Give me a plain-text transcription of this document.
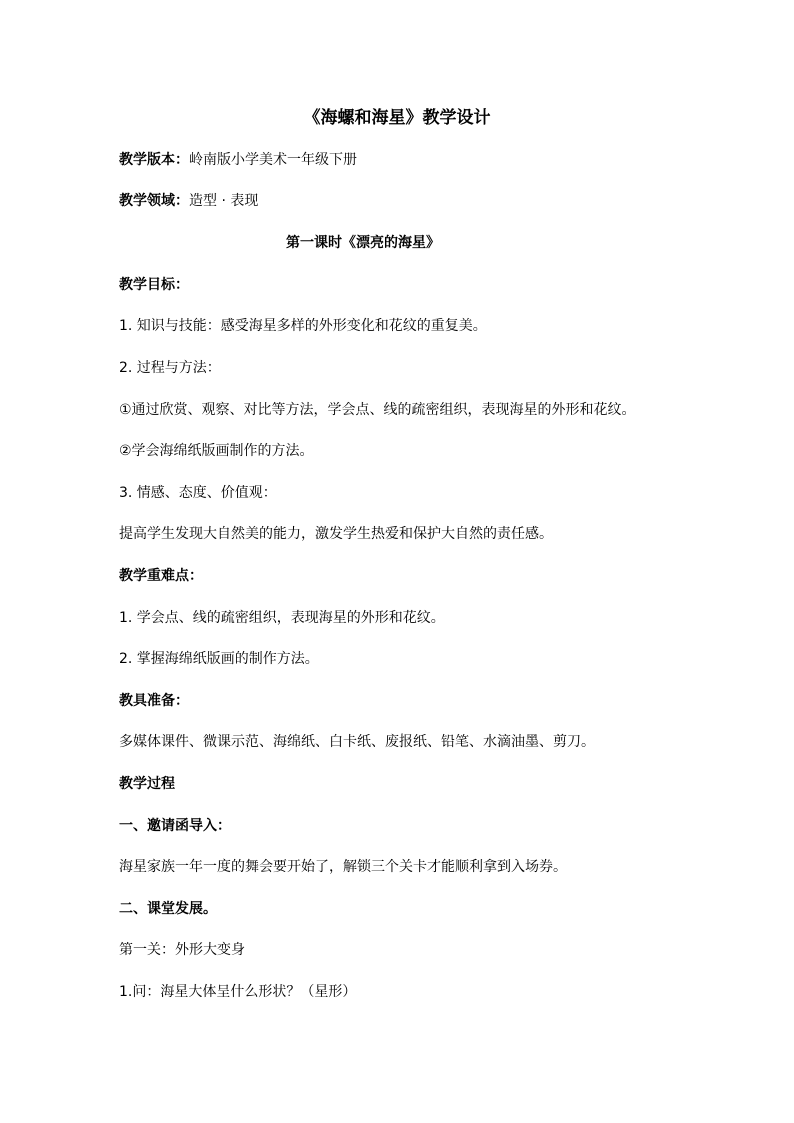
《海螺和海星》教学设计
教学版本：岭南版小学美术一年级下册
教学领域：造型 · 表现
第一课时《漂亮的海星》
教学目标：
1. 知识与技能：感受海星多样的外形变化和花纹的重复美。
2. 过程与方法：
①通过欣赏、观察、对比等方法，学会点、线的疏密组织，表现海星的外形和花纹。
②学会海绵纸版画制作的方法。
3. 情感、态度、价值观：
提高学生发现大自然美的能力，激发学生热爱和保护大自然的责任感。
教学重难点：
1. 学会点、线的疏密组织，表现海星的外形和花纹。
2. 掌握海绵纸版画的制作方法。
教具准备：
多媒体课件、微课示范、海绵纸、白卡纸、废报纸、铅笔、水滴油墨、剪刀。
教学过程
一、邀请函导入：
海星家族一年一度的舞会要开始了，解锁三个关卡才能顺利拿到入场券。
二、课堂发展。
第一关：外形大变身
1.问：海星大体呈什么形状？（星形）
